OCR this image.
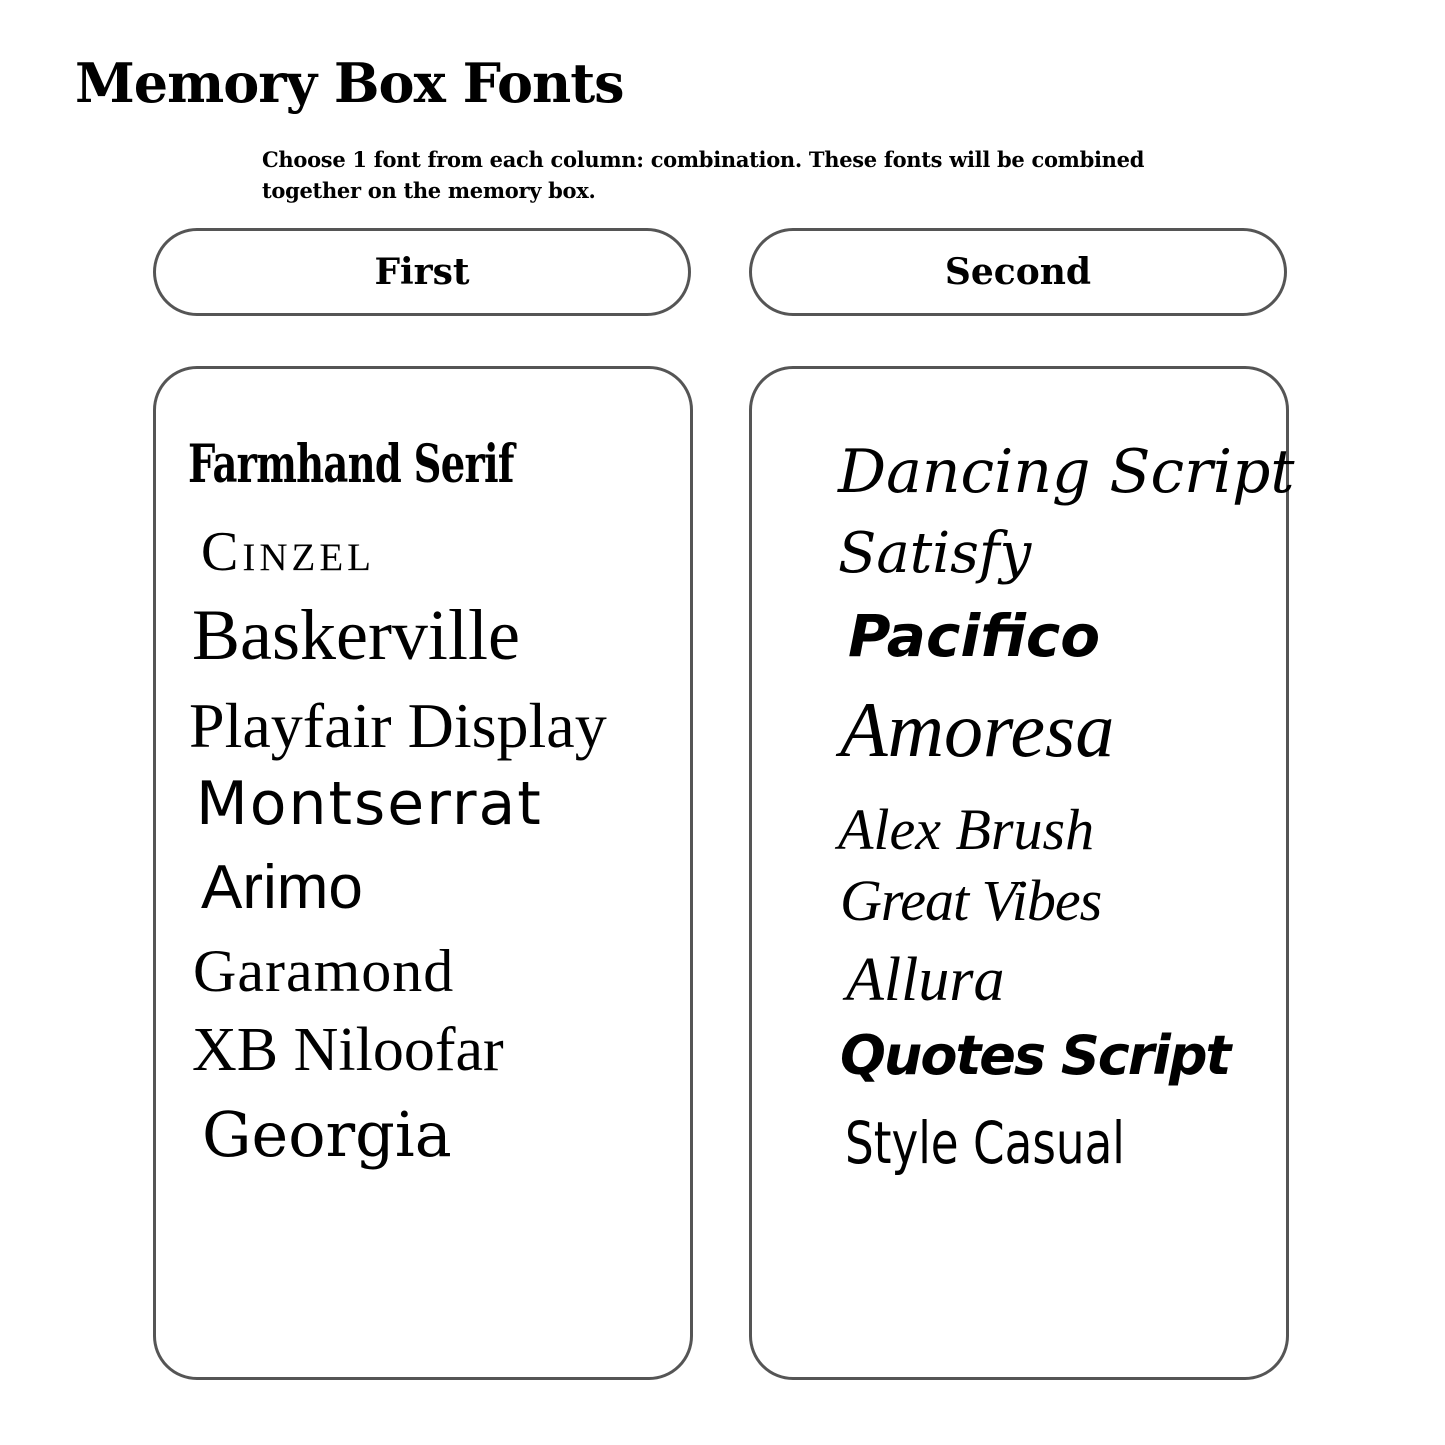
Memory Box Fonts

Choose 1 font from each column: combination. These fonts will be combined together on the memory box.

First	Second
Farmhand Serif
Cinzel
Baskerville
Playfair Display
Montserrat
Arimo
Garamond
XB Niloofar
Georgia
Dancing Script
Satisfy
Pacifico
Amoresa
Alex Brush
Great Vibes
Allura
Quotes Script
Style Casual
